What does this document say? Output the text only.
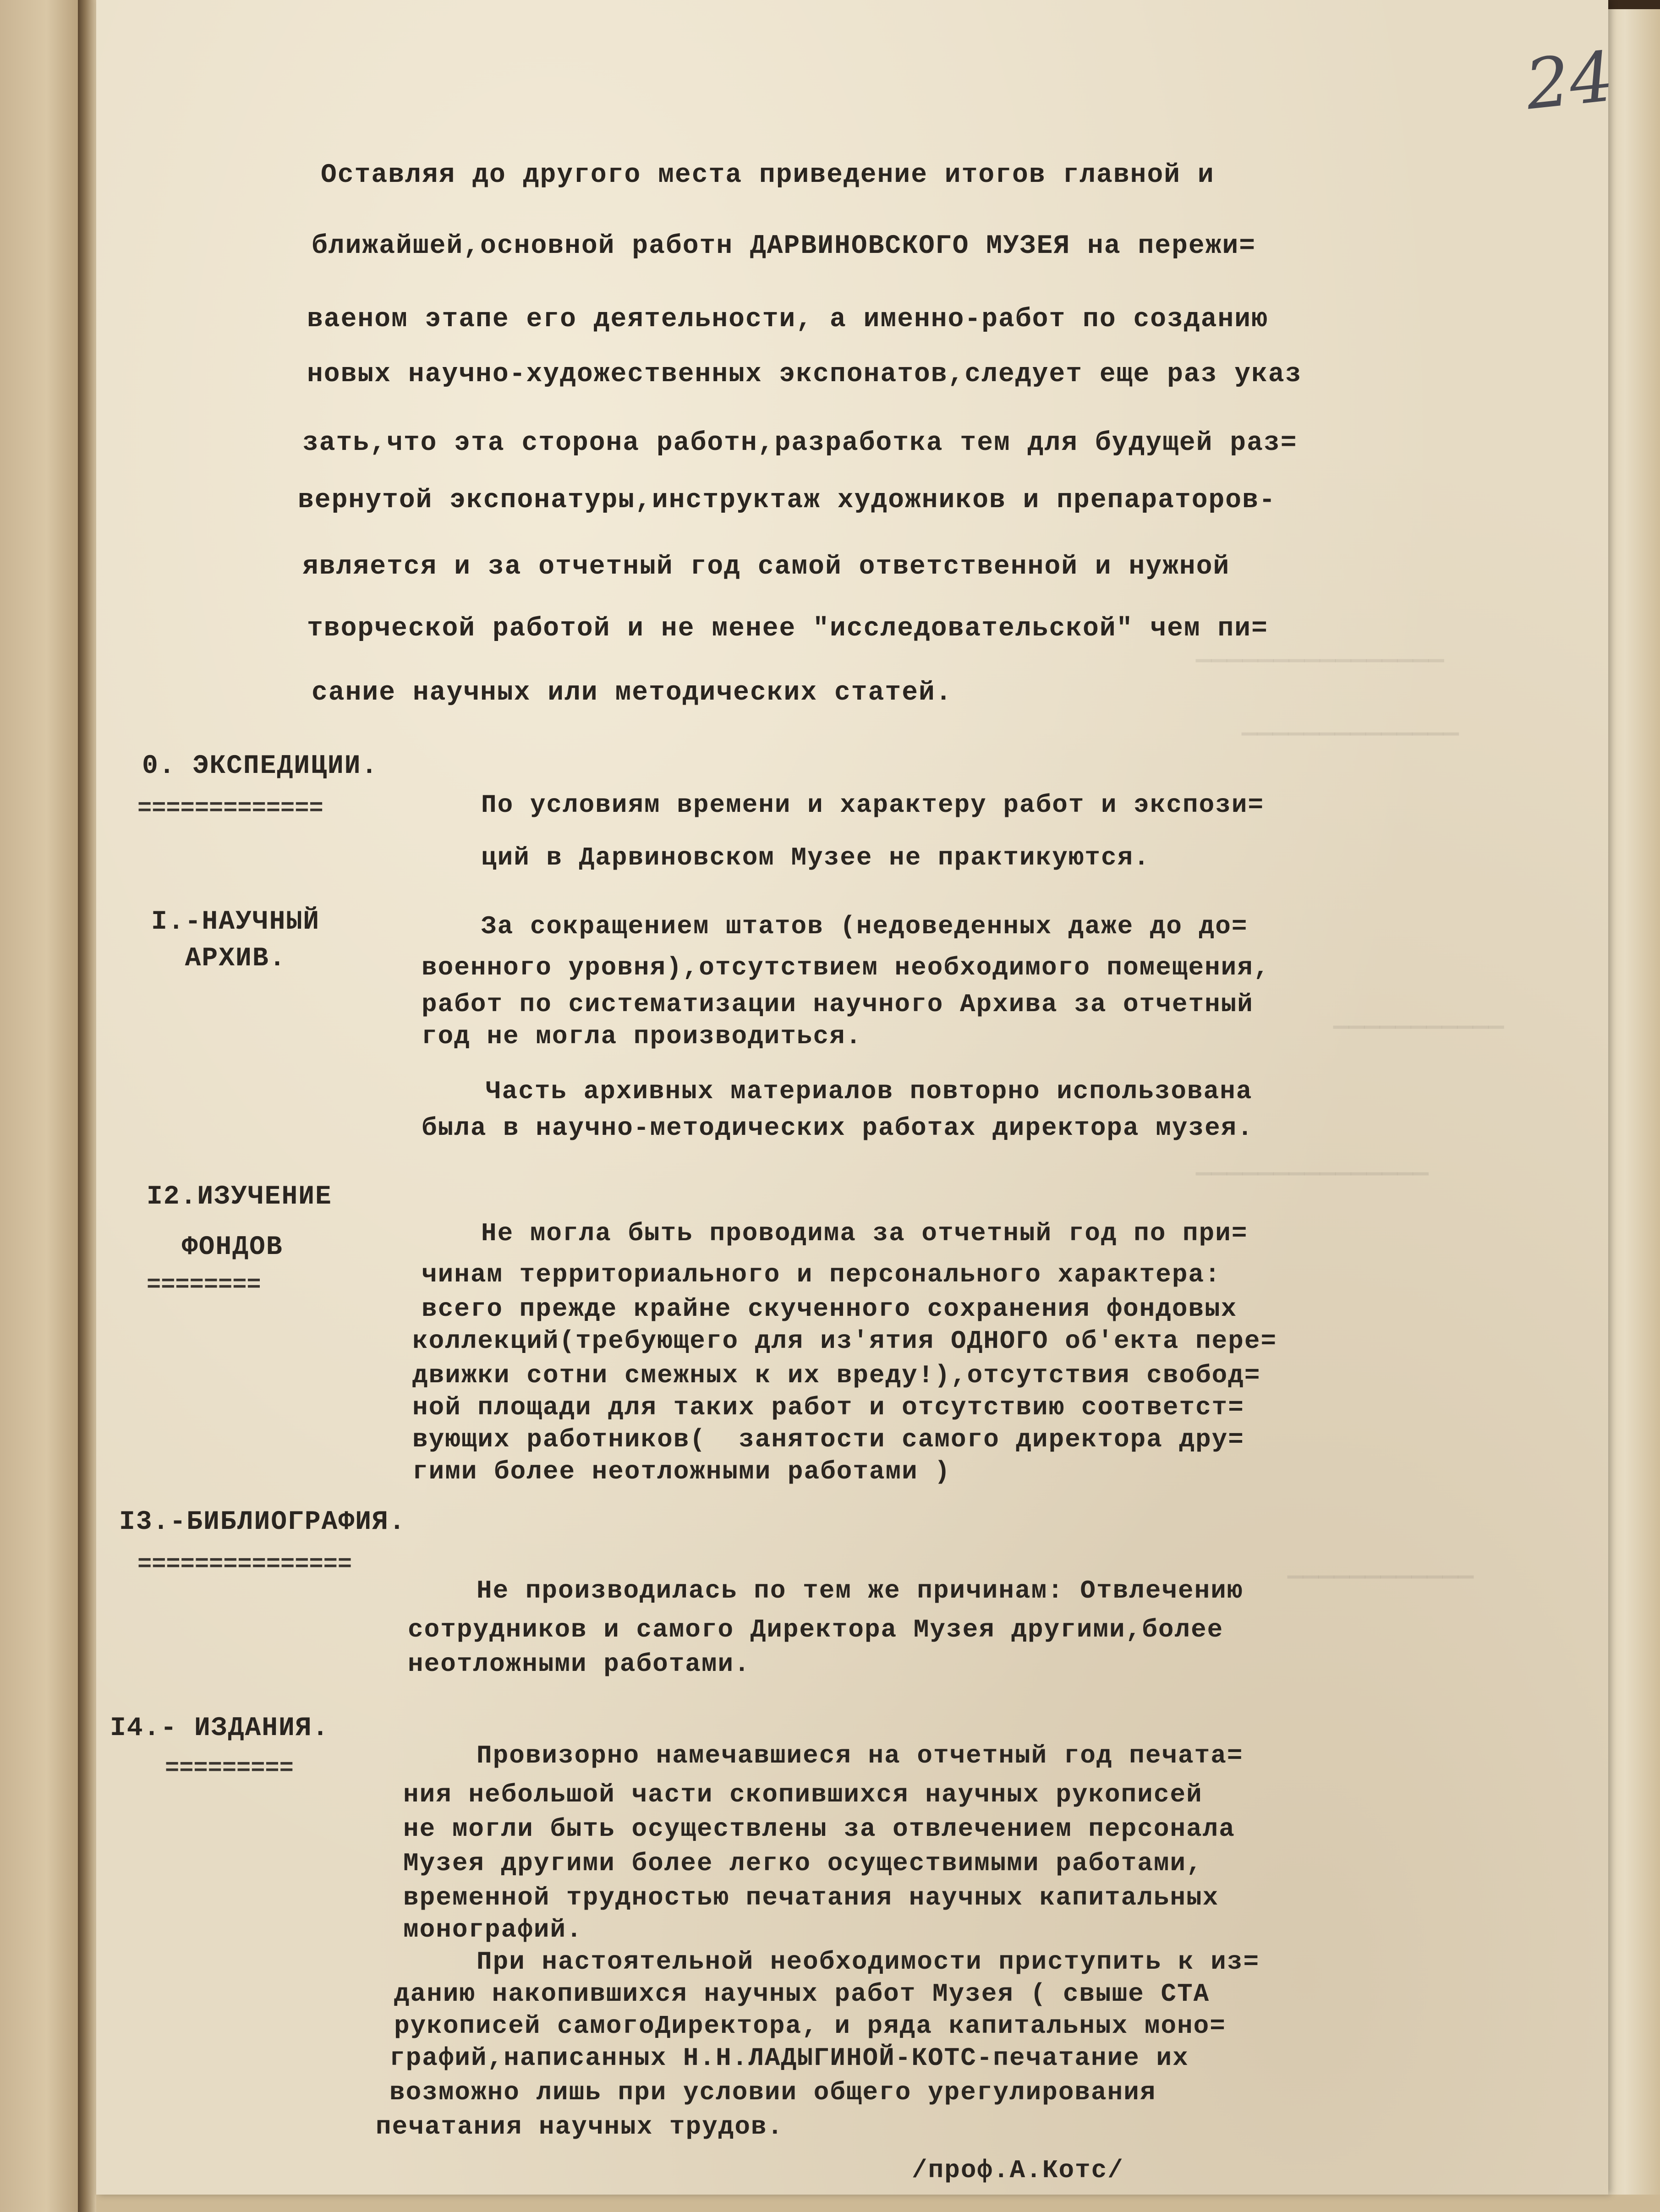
▔▔▔▔▔▔▔▔▔▔▔▔▔▔▔▔
▔▔▔▔▔▔▔▔▔▔▔▔▔▔
▔▔▔▔▔▔▔▔▔▔▔
▔▔▔▔▔▔▔▔▔▔▔▔▔▔▔
▔▔▔▔▔▔▔▔▔▔▔▔
24
Оставляя до другого места приведение итогов главной и
ближайшей,основной работн ДАРВИНОВСКОГО МУЗЕЯ на пережи=
ваеном этапе его деятельности, а именно-работ по созданию
новых научно-художественных экспонатов,следует еще раз указ
зать,что эта сторона работн,разработка тем для будущей раз=
вернутой экспонатуры,инструктаж художников и препараторов-
является и за отчетный год самой ответственной и нужной
творческой работой и не менее "исследовательской" чем пи=
сание научных или методических статей.
0. ЭКСПЕДИЦИИ.
=============	По условиям времени и характеру работ и экспози=
ций в Дарвиновском Музее не практикуются.
I.-НАУЧНЫЙ
АРХИВ.
За сокращением штатов (недоведенных даже до до=
военного уровня),отсутствием необходимого помещения,
работ по систематизации научного Архива за отчетный
год не могла производиться.
Часть архивных материалов повторно использована
была в научно-методических работах директора музея.
I2.ИЗУЧЕНИЕ
ФОНДОВ
========
Не могла быть проводима за отчетный год по при=
чинам территориального и персонального характера:
всего прежде крайне скученного сохранения фондовых
коллекций(требующего для из'ятия ОДНОГО об'екта пере=
движки сотни смежных к их вреду!),отсутствия свобод=
ной площади для таких работ и отсутствию соответст=
вующих работников(  занятости самого директора дру=
гими более неотложными работами )
I3.-БИБЛИОГРАФИЯ.
===============
Не производилась по тем же причинам: Отвлечению
сотрудников и самого Директора Музея другими,более
неотложными работами.
I4.- ИЗДАНИЯ.
=========	Провизорно намечавшиеся на отчетный год печата=
ния небольшой части скопившихся научных рукописей
не могли быть осуществлены за отвлечением персонала
Музея другими более легко осуществимыми работами,
временной трудностью печатания научных капитальных
монографий.
При настоятельной необходимости приступить к из=
данию накопившихся научных работ Музея ( свыше СТА
рукописей самогоДиректора, и ряда капитальных моно=
графий,написанных Н.Н.ЛАДЫГИНОЙ-КОТС-печатание их
возможно лишь при условии общего урегулирования
печатания научных трудов.
/проф.А.Котс/
